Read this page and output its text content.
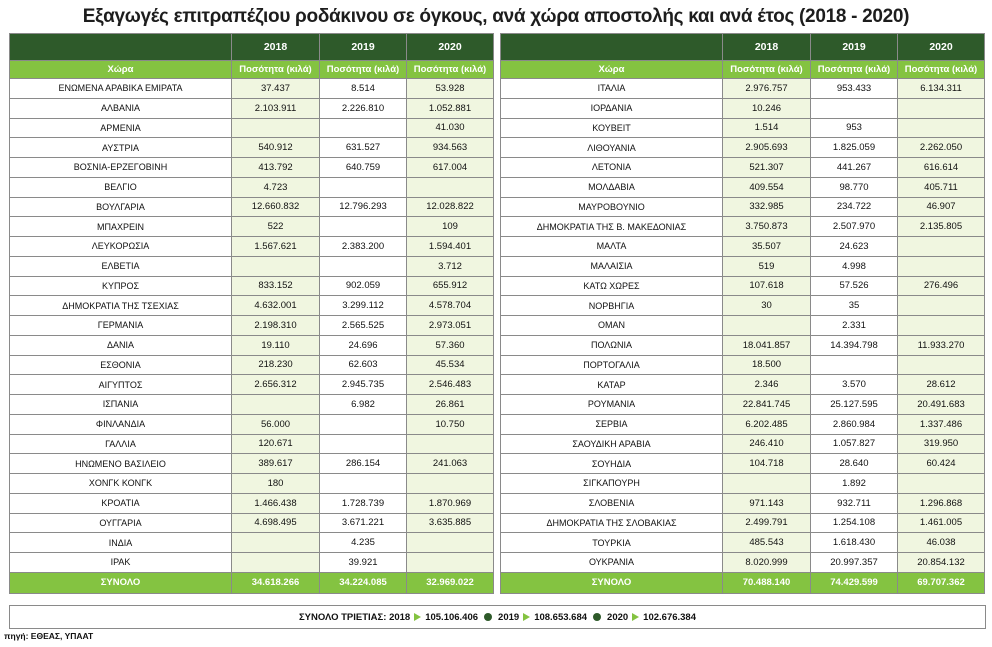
Εξαγωγές επιτραπέζιου ροδάκινου σε όγκους, ανά χώρα αποστολής και ανά έτος (2018 - 2020)
	2018	2019	2020
Χώρα	Ποσότητα (κιλά)	Ποσότητα (κιλά)	Ποσότητα (κιλά)
ΕΝΩΜΕΝΑ ΑΡΑΒΙΚΑ ΕΜΙΡΑΤΑ	37.437	8.514	53.928
ΑΛΒΑΝΙΑ	2.103.911	2.226.810	1.052.881
ΑΡΜΕΝΙΑ			41.030
ΑΥΣΤΡΙΑ	540.912	631.527	934.563
ΒΟΣΝΙΑ-ΕΡΖΕΓΟΒΙΝΗ	413.792	640.759	617.004
ΒΕΛΓΙΟ	4.723		
ΒΟΥΛΓΑΡΙΑ	12.660.832	12.796.293	12.028.822
ΜΠΑΧΡΕΙΝ	522		109
ΛΕΥΚΟΡΩΣΙΑ	1.567.621	2.383.200	1.594.401
ΕΛΒΕΤΙΑ			3.712
ΚΥΠΡΟΣ	833.152	902.059	655.912
ΔΗΜΟΚΡΑΤΙΑ ΤΗΣ ΤΣΕΧΙΑΣ	4.632.001	3.299.112	4.578.704
ΓΕΡΜΑΝΙΑ	2.198.310	2.565.525	2.973.051
ΔΑΝΙΑ	19.110	24.696	57.360
ΕΣΘΟΝΙΑ	218.230	62.603	45.534
ΑΙΓΥΠΤΟΣ	2.656.312	2.945.735	2.546.483
ΙΣΠΑΝΙΑ		6.982	26.861
ΦΙΝΛΑΝΔΙΑ	56.000		10.750
ΓΑΛΛΙΑ	120.671		
ΗΝΩΜΕΝΟ ΒΑΣΙΛΕΙΟ	389.617	286.154	241.063
ΧΟΝΓΚ ΚΟΝΓΚ	180		
ΚΡΟΑΤΙΑ	1.466.438	1.728.739	1.870.969
ΟΥΓΓΑΡΙΑ	4.698.495	3.671.221	3.635.885
ΙΝΔΙΑ		4.235	
ΙΡΑΚ		39.921	
ΣΥΝΟΛΟ	34.618.266	34.224.085	32.969.022
	2018	2019	2020
Χώρα	Ποσότητα (κιλά)	Ποσότητα (κιλά)	Ποσότητα (κιλά)
ΙΤΑΛΙΑ	2.976.757	953.433	6.134.311
ΙΟΡΔΑΝΙΑ	10.246		
ΚΟΥΒΕΙΤ	1.514	953	
ΛΙΘΟΥΑΝΙΑ	2.905.693	1.825.059	2.262.050
ΛΕΤΟΝΙΑ	521.307	441.267	616.614
ΜΟΛΔΑΒΙΑ	409.554	98.770	405.711
ΜΑΥΡΟΒΟΥΝΙΟ	332.985	234.722	46.907
ΔΗΜΟΚΡΑΤΙΑ ΤΗΣ Β. ΜΑΚΕΔΟΝΙΑΣ	3.750.873	2.507.970	2.135.805
ΜΑΛΤΑ	35.507	24.623	
ΜΑΛΑΙΣΙΑ	519	4.998	
ΚΑΤΩ ΧΩΡΕΣ	107.618	57.526	276.496
ΝΟΡΒΗΓΙΑ	30	35	
ΟΜΑΝ		2.331	
ΠΟΛΩΝΙΑ	18.041.857	14.394.798	11.933.270
ΠΟΡΤΟΓΑΛΙΑ	18.500		
ΚΑΤΑΡ	2.346	3.570	28.612
ΡΟΥΜΑΝΙΑ	22.841.745	25.127.595	20.491.683
ΣΕΡΒΙΑ	6.202.485	2.860.984	1.337.486
ΣΑΟΥΔΙΚΗ ΑΡΑΒΙΑ	246.410	1.057.827	319.950
ΣΟΥΗΔΙΑ	104.718	28.640	60.424
ΣΙΓΚΑΠΟΥΡΗ		1.892	
ΣΛΟΒΕΝΙΑ	971.143	932.711	1.296.868
ΔΗΜΟΚΡΑΤΙΑ ΤΗΣ ΣΛΟΒΑΚΙΑΣ	2.499.791	1.254.108	1.461.005
ΤΟΥΡΚΙΑ	485.543	1.618.430	46.038
ΟΥΚΡΑΝΙΑ	8.020.999	20.997.357	20.854.132
ΣΥΝΟΛΟ	70.488.140	74.429.599	69.707.362
ΣΥΝΟΛΟ ΤΡΙΕΤΙΑΣ:
2018 105.106.406 2019 108.653.684 2020 102.676.384
πηγή: ΕΘΕΑΣ, ΥΠΑΑΤ
